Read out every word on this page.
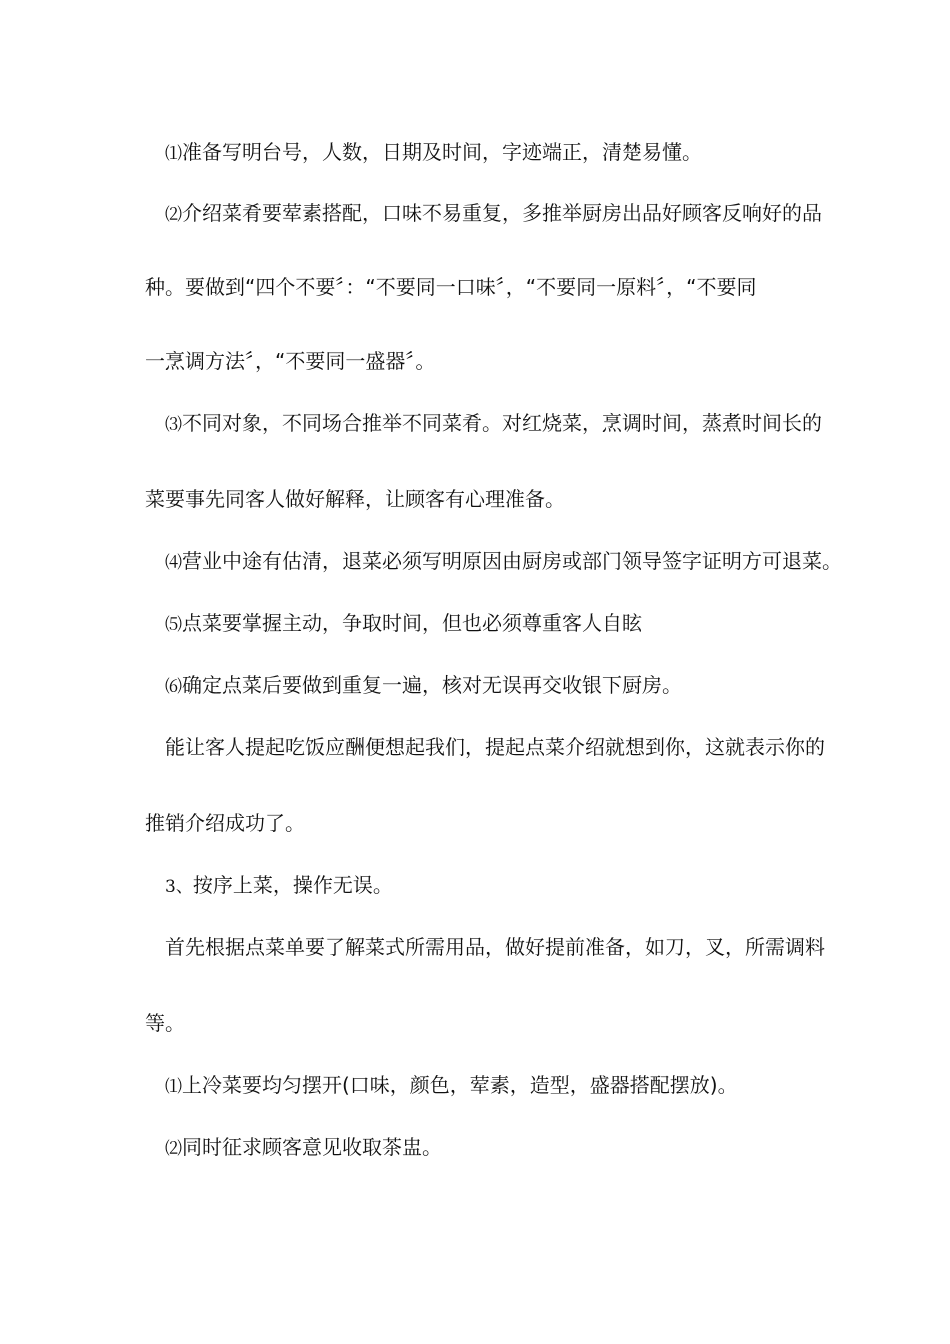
⑴准备写明台号，人数，日期及时间，字迹端正，清楚易懂。
⑵介绍菜肴要荤素搭配，口味不易重复，多推举厨房出品好顾客反响好的品
种。要做到“四个不要〞：“不要同一口味〞，“不要同一原料〞，“不要同
一烹调方法〞，“不要同一盛器〞。
⑶不同对象，不同场合推举不同菜肴。对红烧菜，烹调时间，蒸煮时间长的
菜要事先同客人做好解释，让顾客有心理准备。
⑷营业中途有估清，退菜必须写明原因由厨房或部门领导签字证明方可退菜。
⑸点菜要掌握主动，争取时间，但也必须尊重客人自眩
⑹确定点菜后要做到重复一遍，核对无误再交收银下厨房。
能让客人提起吃饭应酬便想起我们，提起点菜介绍就想到你，这就表示你的
推销介绍成功了。
3、按序上菜，操作无误。
首先根据点菜单要了解菜式所需用品，做好提前准备，如刀，叉，所需调料
等。
⑴上冷菜要均匀摆开(口味，颜色，荤素，造型，盛器搭配摆放)。
⑵同时征求顾客意见收取茶盅。
